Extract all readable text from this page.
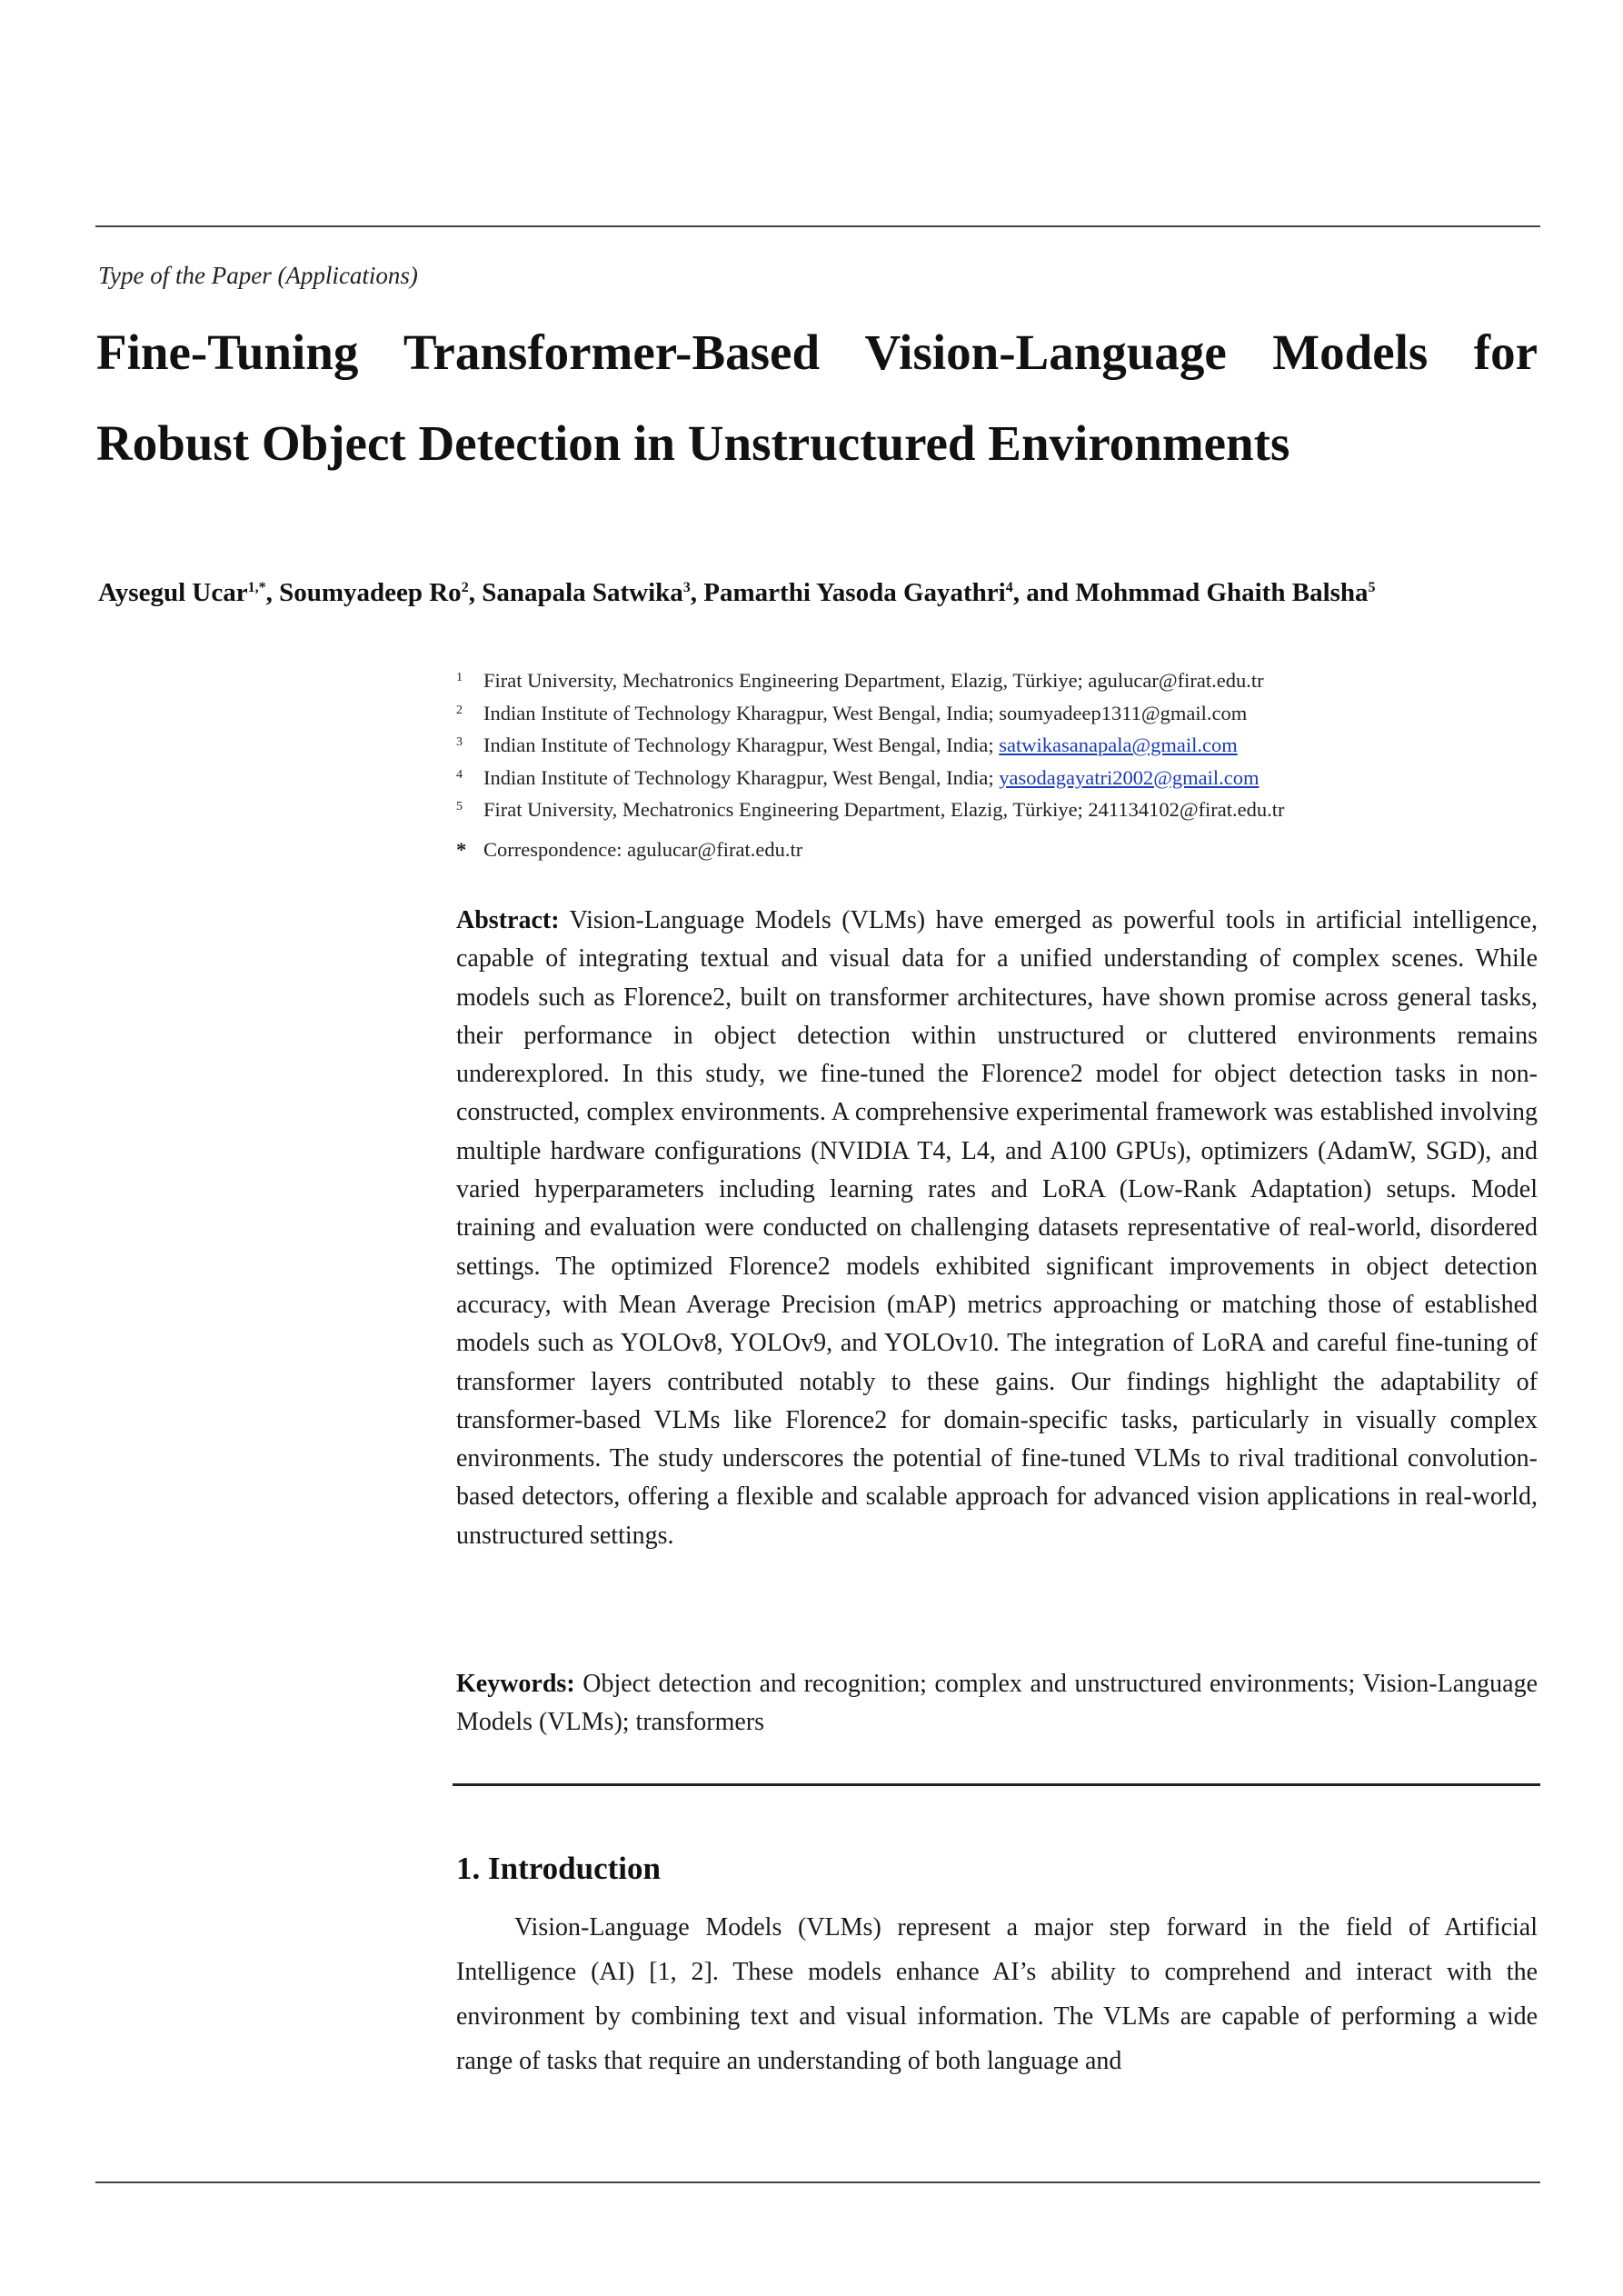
Type of the Paper (Applications)
Fine-Tuning Transformer-Based Vision-Language Models for
Robust Object Detection in Unstructured Environments
Aysegul Ucar$^{1,*}$, Soumyadeep Ro$^2$, Sanapala Satwika$^3$, Pamarthi Yasoda Gayathri$^4$, and Mohmmad Ghaith Balsha$^5$
1 Firat University, Mechatronics Engineering Department, Elazig, Türkiye; agulucar@firat.edu.tr
2 Indian Institute of Technology Kharagpur, West Bengal, India; soumyadeep1311@gmail.com
3 Indian Institute of Technology Kharagpur, West Bengal, India; satwikasanapala@gmail.com
4 Indian Institute of Technology Kharagpur, West Bengal, India; yasodagayatri2002@gmail.com
5 Firat University, Mechatronics Engineering Department, Elazig, Türkiye; 241134102@firat.edu.tr
* Correspondence: agulucar@firat.edu.tr

Abstract: Vision-Language Models (VLMs) have emerged as powerful tools in artificial intelligence, capable of integrating textual and visual data for a unified understanding of complex scenes. While models such as Florence2, built on transformer architectures, have shown promise across general tasks, their performance in object detection within unstructured or cluttered environments remains underexplored. In this study, we fine-tuned the Florence2 model for object detection tasks in non-constructed, complex environments. A comprehensive experimental framework was established involving multiple hardware configurations (NVIDIA T4, L4, and A100 GPUs), optimizers (AdamW, SGD), and varied hyperparameters including learning rates and LoRA (Low-Rank Adaptation) setups. Model training and evaluation were conducted on challenging datasets representative of real-world, disordered settings. The optimized Florence2 models exhibited significant improvements in object detection accuracy, with Mean Average Precision (mAP) metrics approaching or matching those of established models such as YOLOv8, YOLOv9, and YOLOv10. The integration of LoRA and careful fine-tuning of transformer layers contributed notably to these gains. Our findings highlight the adaptability of transformer-based VLMs like Florence2 for domain-specific tasks, particularly in visually complex environments. The study underscores the potential of fine-tuned VLMs to rival traditional convolution-based detectors, offering a flexible and scalable approach for advanced vision applications in real-world, unstructured settings.

Keywords: Object detection and recognition; complex and unstructured environments; Vision-Language Models (VLMs); transformers

1. Introduction

Vision-Language Models (VLMs) represent a major step forward in the field of Artificial Intelligence (AI) [1, 2]. These models enhance AI’s ability to comprehend and interact with the environment by combining text and visual information. The VLMs are capable of performing a wide range of tasks that require an understanding of both language and
